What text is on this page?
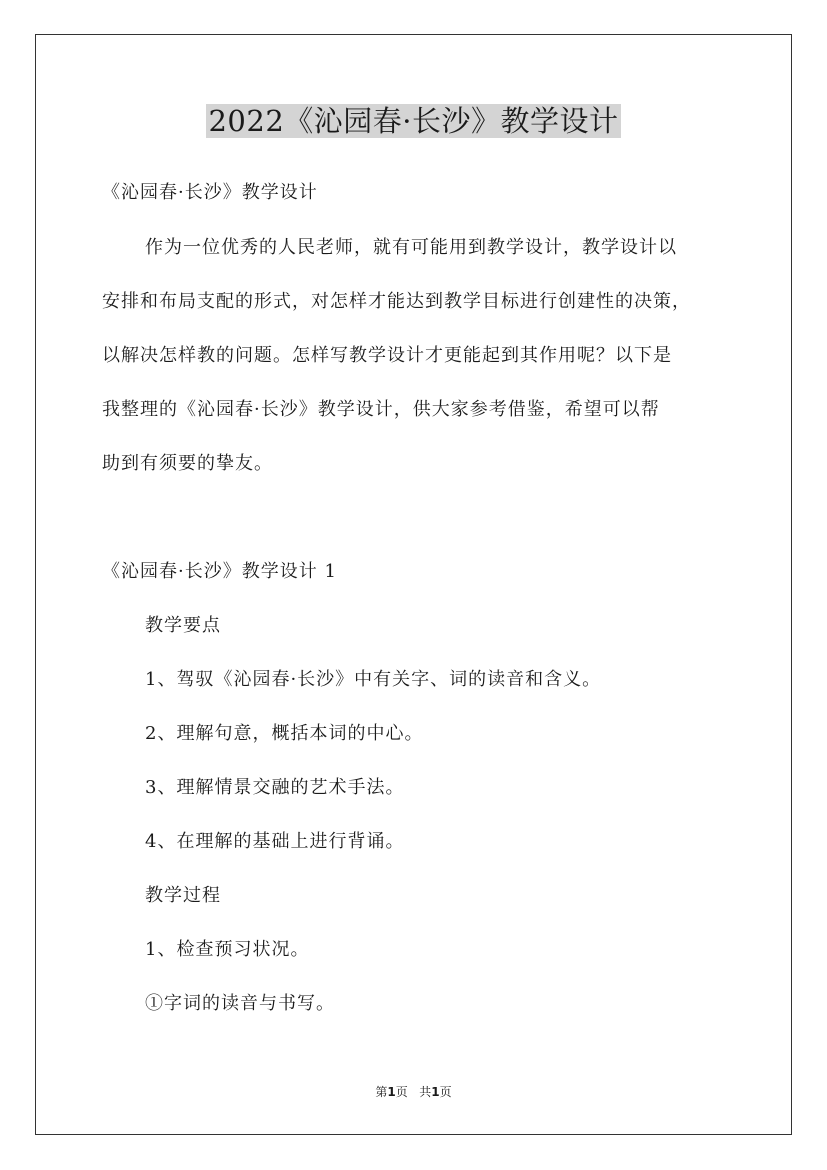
2022《沁园春·长沙》教学设计
《沁园春·长沙》教学设计
作为一位优秀的人民老师，就有可能用到教学设计，教学设计以
安排和布局支配的形式，对怎样才能达到教学目标进行创建性的决策，
以解决怎样教的问题。怎样写教学设计才更能起到其作用呢？以下是
我整理的《沁园春·长沙》教学设计，供大家参考借鉴，希望可以帮
助到有须要的挚友。
《沁园春·长沙》教学设计 1
教学要点
1、驾驭《沁园春·长沙》中有关字、词的读音和含义。
2、理解句意，概括本词的中心。
3、理解情景交融的艺术手法。
4、在理解的基础上进行背诵。
教学过程
1、检查预习状况。
①字词的读音与书写。
第1页 共1页
